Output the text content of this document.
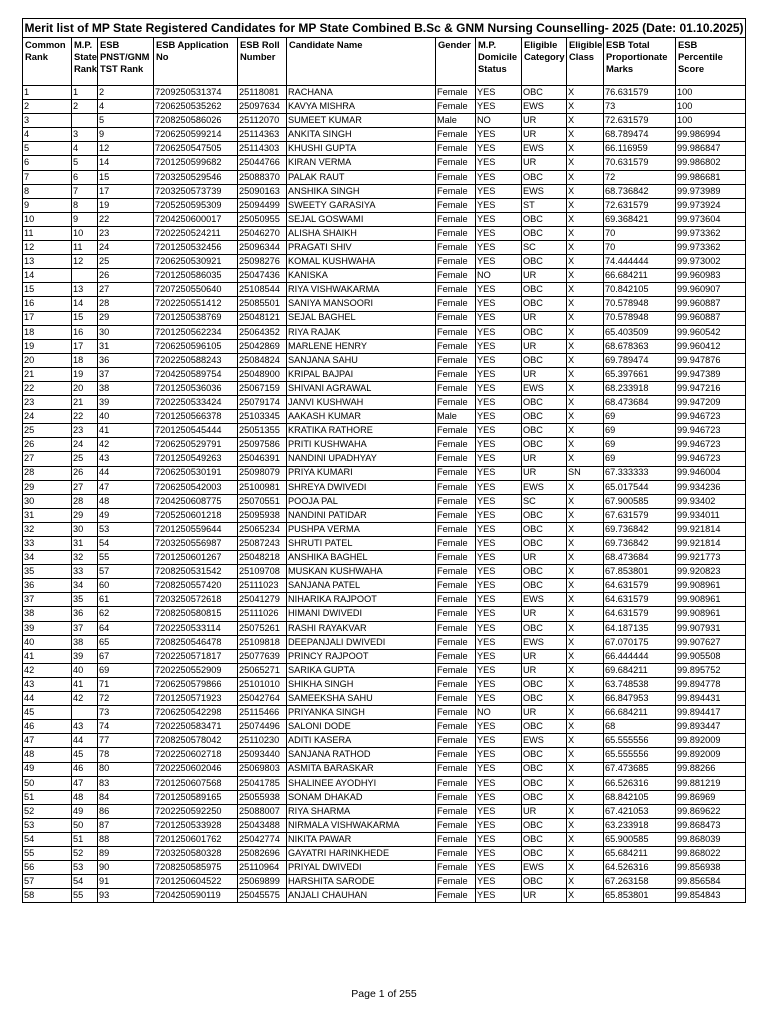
Merit list of MP State Registered Candidates for MP State Combined B.Sc & GNM Nursing Counselling- 2025 (Date: 01.10.2025)											
Common Rank	M.P. State Rank	ESB PNST/GNM TST Rank	ESB Application No	ESB Roll Number	Candidate Name	Gender	M.P. Domicile Status	Eligible Category	Eligible Class	ESB Total Proportionate Marks	ESB Percentile Score
1	1	2	7209250531374	25118081	RACHANA	Female	YES	OBC	X	76.631579	100
2	2	4	7206250535262	25097634	KAVYA MISHRA	Female	YES	EWS	X	73	100
3		5	7208250586026	25112070	SUMEET KUMAR	Male	NO	UR	X	72.631579	100
4	3	9	7206250599214	25114363	ANKITA SINGH	Female	YES	UR	X	68.789474	99.986994
5	4	12	7206250547505	25114303	KHUSHI GUPTA	Female	YES	EWS	X	66.116959	99.986847
6	5	14	7201250599682	25044766	KIRAN VERMA	Female	YES	UR	X	70.631579	99.986802
7	6	15	7203250529546	25088370	PALAK RAUT	Female	YES	OBC	X	72	99.986681
8	7	17	7203250573739	25090163	ANSHIKA SINGH	Female	YES	EWS	X	68.736842	99.973989
9	8	19	7205250595309	25094499	SWEETY GARASIYA	Female	YES	ST	X	72.631579	99.973924
10	9	22	7204250600017	25050955	SEJAL GOSWAMI	Female	YES	OBC	X	69.368421	99.973604
11	10	23	7202250524211	25046270	ALISHA SHAIKH	Female	YES	OBC	X	70	99.973362
12	11	24	7201250532456	25096344	PRAGATI SHIV	Female	YES	SC	X	70	99.973362
13	12	25	7206250530921	25098276	KOMAL KUSHWAHA	Female	YES	OBC	X	74.444444	99.973002
14		26	7201250586035	25047436	KANISKA	Female	NO	UR	X	66.684211	99.960983
15	13	27	7207250550640	25108544	RIYA VISHWAKARMA	Female	YES	OBC	X	70.842105	99.960907
16	14	28	7202250551412	25085501	SANIYA MANSOORI	Female	YES	OBC	X	70.578948	99.960887
17	15	29	7201250538769	25048121	SEJAL BAGHEL	Female	YES	UR	X	70.578948	99.960887
18	16	30	7201250562234	25064352	RIYA RAJAK	Female	YES	OBC	X	65.403509	99.960542
19	17	31	7206250596105	25042869	MARLENE HENRY	Female	YES	UR	X	68.678363	99.960412
20	18	36	7202250588243	25084824	SANJANA SAHU	Female	YES	OBC	X	69.789474	99.947876
21	19	37	7204250589754	25048900	KRIPAL BAJPAI	Female	YES	UR	X	65.397661	99.947389
22	20	38	7201250536036	25067159	SHIVANI AGRAWAL	Female	YES	EWS	X	68.233918	99.947216
23	21	39	7202250533424	25079174	JANVI KUSHWAH	Female	YES	OBC	X	68.473684	99.947209
24	22	40	7201250566378	25103345	AAKASH KUMAR	Male	YES	OBC	X	69	99.946723
25	23	41	7201250545444	25051355	KRATIKA RATHORE	Female	YES	OBC	X	69	99.946723
26	24	42	7206250529791	25097586	PRITI KUSHWAHA	Female	YES	OBC	X	69	99.946723
27	25	43	7201250549263	25046391	NANDINI UPADHYAY	Female	YES	UR	X	69	99.946723
28	26	44	7206250530191	25098079	PRIYA KUMARI	Female	YES	UR	SN	67.333333	99.946004
29	27	47	7206250542003	25100981	SHREYA DWIVEDI	Female	YES	EWS	X	65.017544	99.934236
30	28	48	7204250608775	25070551	POOJA PAL	Female	YES	SC	X	67.900585	99.93402
31	29	49	7205250601218	25095938	NANDINI PATIDAR	Female	YES	OBC	X	67.631579	99.934011
32	30	53	7201250559644	25065234	PUSHPA VERMA	Female	YES	OBC	X	69.736842	99.921814
33	31	54	7203250556987	25087243	SHRUTI PATEL	Female	YES	OBC	X	69.736842	99.921814
34	32	55	7201250601267	25048218	ANSHIKA BAGHEL	Female	YES	UR	X	68.473684	99.921773
35	33	57	7208250531542	25109708	MUSKAN KUSHWAHA	Female	YES	OBC	X	67.853801	99.920823
36	34	60	7208250557420	25111023	SANJANA PATEL	Female	YES	OBC	X	64.631579	99.908961
37	35	61	7203250572618	25041279	NIHARIKA RAJPOOT	Female	YES	EWS	X	64.631579	99.908961
38	36	62	7208250580815	25111026	HIMANI DWIVEDI	Female	YES	UR	X	64.631579	99.908961
39	37	64	7202250533114	25075261	RASHI RAYAKVAR	Female	YES	OBC	X	64.187135	99.907931
40	38	65	7208250546478	25109818	DEEPANJALI DWIVEDI	Female	YES	EWS	X	67.070175	99.907627
41	39	67	7202250571817	25077639	PRINCY RAJPOOT	Female	YES	UR	X	66.444444	99.905508
42	40	69	7202250552909	25065271	SARIKA GUPTA	Female	YES	UR	X	69.684211	99.895752
43	41	71	7206250579866	25101010	SHIKHA SINGH	Female	YES	OBC	X	63.748538	99.894778
44	42	72	7201250571923	25042764	SAMEEKSHA SAHU	Female	YES	OBC	X	66.847953	99.894431
45		73	7206250542298	25115466	PRIYANKA SINGH	Female	NO	UR	X	66.684211	99.894417
46	43	74	7202250583471	25074496	SALONI DODE	Female	YES	OBC	X	68	99.893447
47	44	77	7208250578042	25110230	ADITI KASERA	Female	YES	EWS	X	65.555556	99.892009
48	45	78	7202250602718	25093440	SANJANA RATHOD	Female	YES	OBC	X	65.555556	99.892009
49	46	80	7202250602046	25069803	ASMITA BARASKAR	Female	YES	OBC	X	67.473685	99.88266
50	47	83	7201250607568	25041785	SHALINEE AYODHYI	Female	YES	OBC	X	66.526316	99.881219
51	48	84	7201250589165	25055938	SONAM DHAKAD	Female	YES	OBC	X	68.842105	99.86969
52	49	86	7202250592250	25088007	RIYA SHARMA	Female	YES	UR	X	67.421053	99.869622
53	50	87	7201250533928	25043488	NIRMALA VISHWAKARMA	Female	YES	OBC	X	63.233918	99.868473
54	51	88	7201250601762	25042774	NIKITA PAWAR	Female	YES	OBC	X	65.900585	99.868039
55	52	89	7203250580328	25082696	GAYATRI HARINKHEDE	Female	YES	OBC	X	65.684211	99.868022
56	53	90	7208250585975	25110964	PRIYAL DWIVEDI	Female	YES	EWS	X	64.526316	99.856938
57	54	91	7201250604522	25069899	HARSHITA SARODE	Female	YES	OBC	X	67.263158	99.856584
58	55	93	7204250590119	25045575	ANJALI CHAUHAN	Female	YES	UR	X	65.853801	99.854843
Page 1 of 255
